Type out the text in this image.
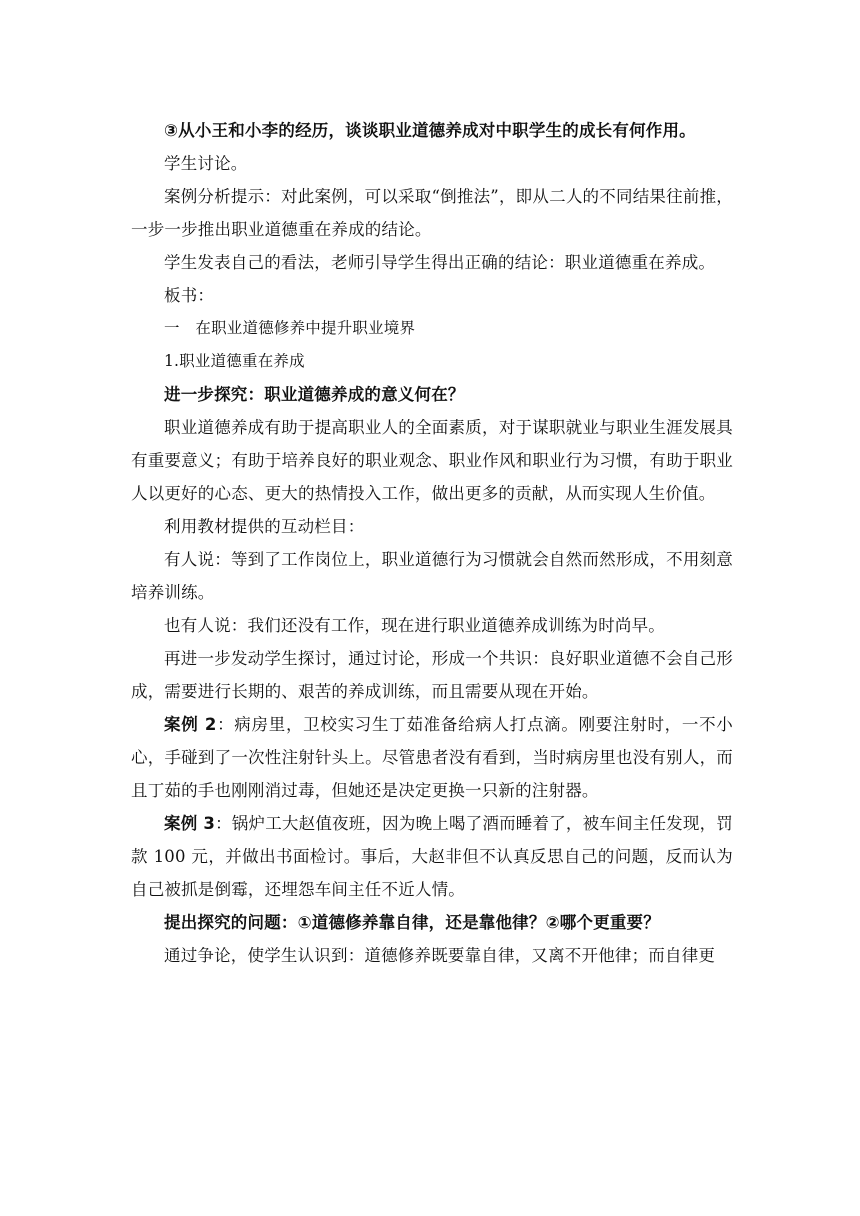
③从小王和小李的经历，谈谈职业道德养成对中职学生的成长有何作用。

学生讨论。

案例分析提示：对此案例，可以采取“倒推法”，即从二人的不同结果往前推，一步一步推出职业道德重在养成的结论。

学生发表自己的看法，老师引导学生得出正确的结论：职业道德重在养成。

板书：

一　在职业道德修养中提升职业境界

1.职业道德重在养成

进一步探究：职业道德养成的意义何在？

职业道德养成有助于提高职业人的全面素质，对于谋职就业与职业生涯发展具有重要意义；有助于培养良好的职业观念、职业作风和职业行为习惯，有助于职业人以更好的心态、更大的热情投入工作，做出更多的贡献，从而实现人生价值。

利用教材提供的互动栏目：

有人说：等到了工作岗位上，职业道德行为习惯就会自然而然形成，不用刻意培养训练。

也有人说：我们还没有工作，现在进行职业道德养成训练为时尚早。

再进一步发动学生探讨，通过讨论，形成一个共识：良好职业道德不会自己形成，需要进行长期的、艰苦的养成训练，而且需要从现在开始。

案例 2：病房里，卫校实习生丁茹准备给病人打点滴。刚要注射时，一不小心，手碰到了一次性注射针头上。尽管患者没有看到，当时病房里也没有别人，而且丁茹的手也刚刚消过毒，但她还是决定更换一只新的注射器。

案例 3：锅炉工大赵值夜班，因为晚上喝了酒而睡着了，被车间主任发现，罚款 100 元，并做出书面检讨。事后，大赵非但不认真反思自己的问题，反而认为自己被抓是倒霉，还埋怨车间主任不近人情。

提出探究的问题：①道德修养靠自律，还是靠他律？②哪个更重要？

通过争论，使学生认识到：道德修养既要靠自律，又离不开他律；而自律更
